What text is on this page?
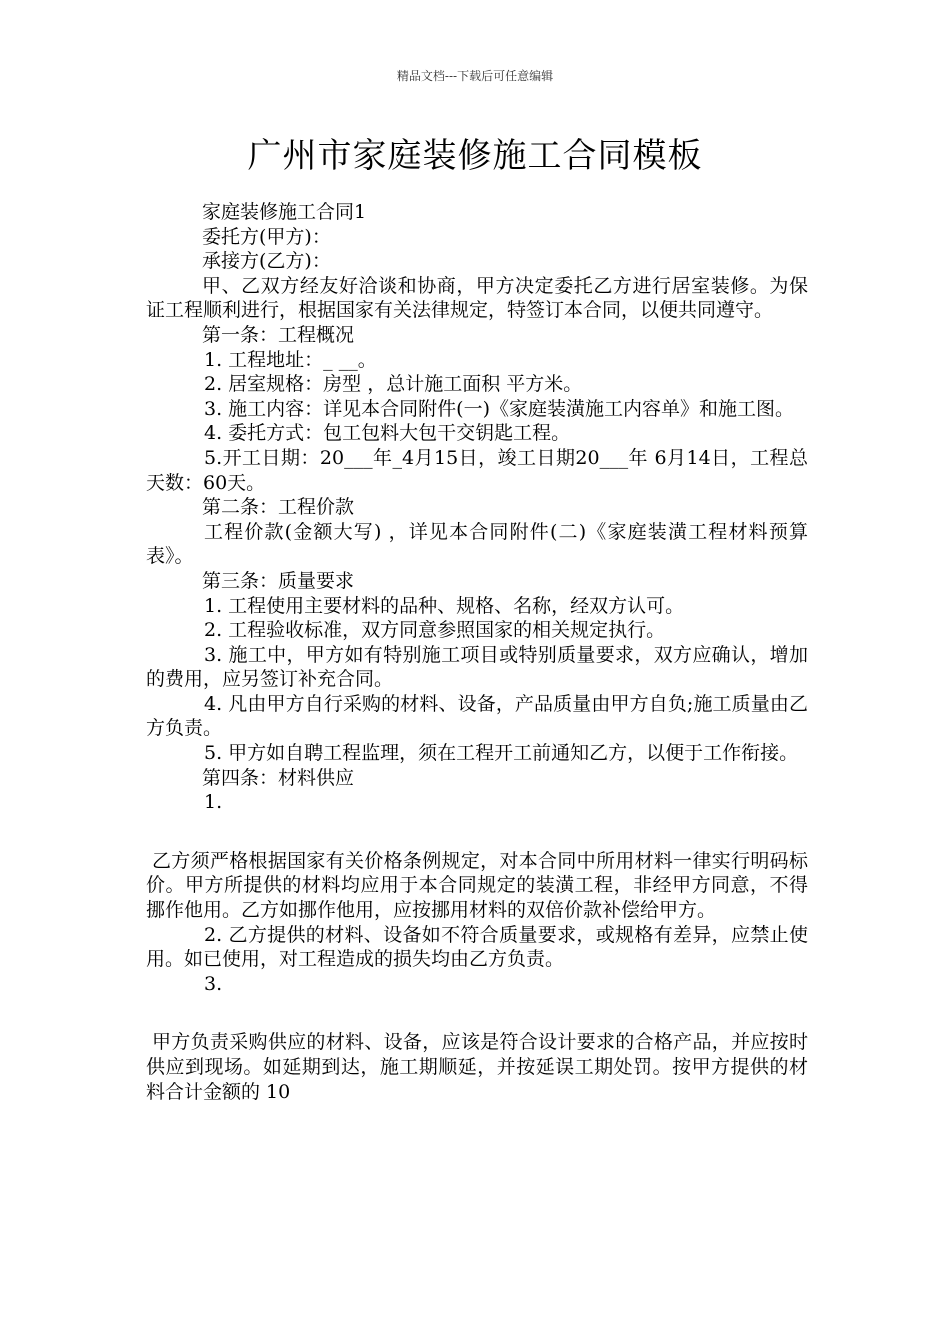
精品文档---下载后可任意编辑
广州市家庭装修施工合同模板

家庭装修施工合同1

委托方(甲方)：

承接方(乙方)：

甲、乙双方经友好洽谈和协商，甲方决定委托乙方进行居室装修。为保证工程顺利进行，根据国家有关法律规定，特签订本合同，以便共同遵守。

第一条：工程概况

1. 工程地址：_ __。

2. 居室规格：房型 ，总计施工面积 平方米。

3. 施工内容：详见本合同附件(一)《家庭装潢施工内容单》和施工图。

4. 委托方式：包工包料大包干交钥匙工程。

5.开工日期：20___年_4月15日，竣工日期20___年 6月14日，工程总天数：60天。

第二条：工程价款

工程价款(金额大写) ，详见本合同附件(二)《家庭装潢工程材料预算表》。

第三条：质量要求

1. 工程使用主要材料的品种、规格、名称，经双方认可。

2. 工程验收标准，双方同意参照国家的相关规定执行。

3. 施工中，甲方如有特别施工项目或特别质量要求，双方应确认，增加的费用，应另签订补充合同。

4. 凡由甲方自行采购的材料、设备，产品质量由甲方自负;施工质量由乙方负责。

5. 甲方如自聘工程监理，须在工程开工前通知乙方，以便于工作衔接。

第四条：材料供应

1.

乙方须严格根据国家有关价格条例规定，对本合同中所用材料一律实行明码标价。甲方所提供的材料均应用于本合同规定的装潢工程，非经甲方同意，不得挪作他用。乙方如挪作他用，应按挪用材料的双倍价款补偿给甲方。

2. 乙方提供的材料、设备如不符合质量要求，或规格有差异，应禁止使用。如已使用，对工程造成的损失均由乙方负责。

3.

甲方负责采购供应的材料、设备，应该是符合设计要求的合格产品，并应按时供应到现场。如延期到达，施工期顺延，并按延误工期处罚。按甲方提供的材料合计金额的 10
